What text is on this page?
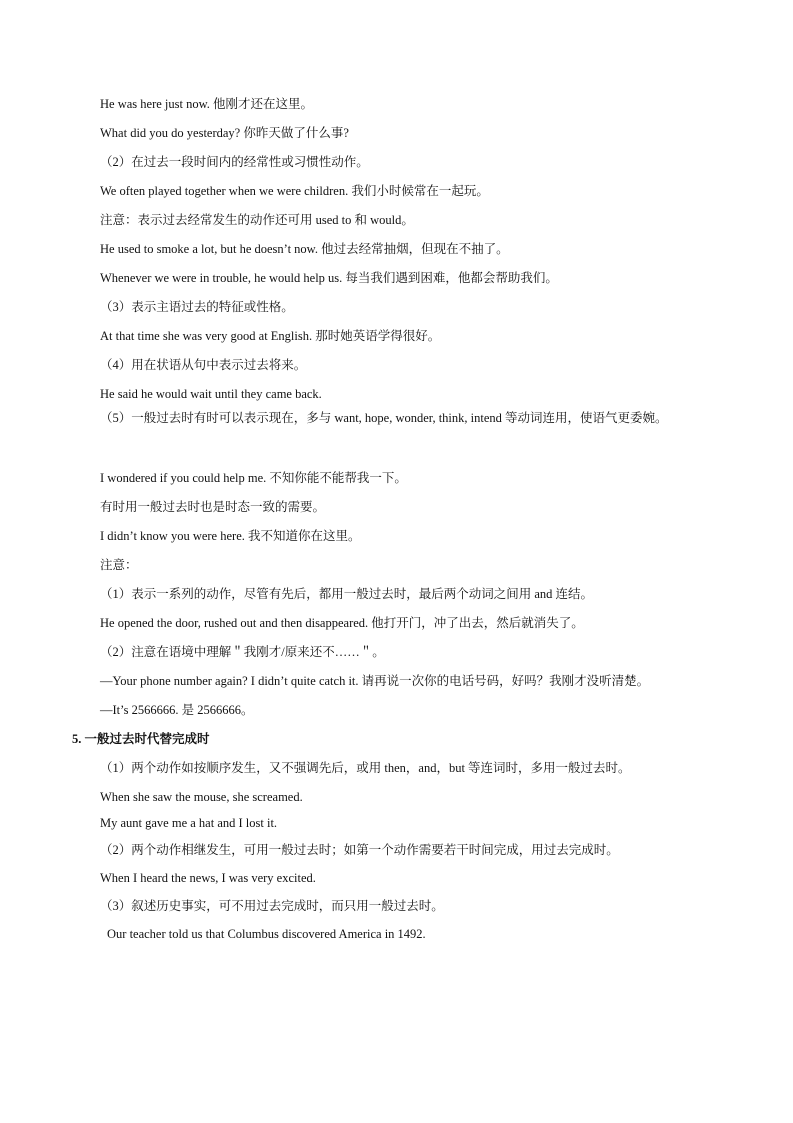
He was here just now. 他刚才还在这里。
What did you do yesterday? 你昨天做了什么事?
（2）在过去一段时间内的经常性或习惯性动作。
We often played together when we were children. 我们小时候常在一起玩。
注意：表示过去经常发生的动作还可用 used to 和 would。
He used to smoke a lot, but he doesn’t now. 他过去经常抽烟，但现在不抽了。
Whenever we were in trouble, he would help us. 每当我们遇到困难，他都会帮助我们。
（3）表示主语过去的特征或性格。
At that time she was very good at English. 那时她英语学得很好。
（4）用在状语从句中表示过去将来。
He said he would wait until they came back.
（5）一般过去时有时可以表示现在，多与 want, hope, wonder, think, intend 等动词连用，使语气更委婉。
I wondered if you could help me. 不知你能不能帮我一下。
有时用一般过去时也是时态一致的需要。
I didn’t know you were here. 我不知道你在这里。
注意：
（1）表示一系列的动作，尽管有先后，都用一般过去时，最后两个动词之间用 and 连结。
He opened the door, rushed out and then disappeared. 他打开门，冲了出去，然后就消失了。
（2）注意在语境中理解＂我刚才/原来还不……＂。
—Your phone number again? I didn’t quite catch it. 请再说一次你的电话号码，好吗？我刚才没听清楚。
—It’s 2566666. 是 2566666。
5. 一般过去时代替完成时
（1）两个动作如按顺序发生，又不强调先后，或用 then，and，but 等连词时，多用一般过去时。
When she saw the mouse, she screamed.
My aunt gave me a hat and I lost it.
（2）两个动作相继发生，可用一般过去时；如第一个动作需要若干时间完成，用过去完成时。
When I heard the news, I was very excited.
（3）叙述历史事实，可不用过去完成时，而只用一般过去时。
Our teacher told us that Columbus discovered America in 1492.
